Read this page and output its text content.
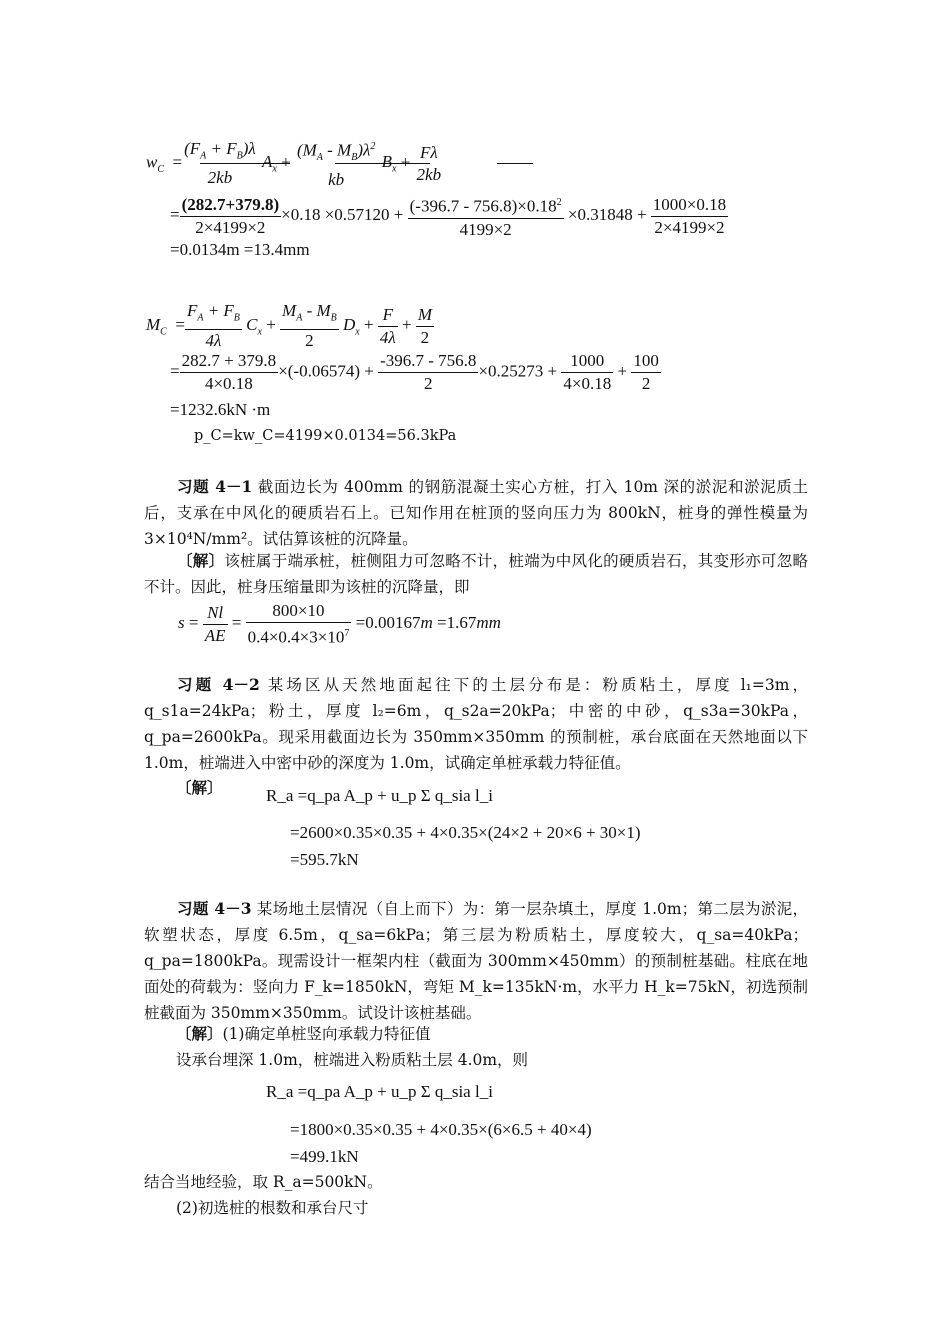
$w_C$  =
$(F_A + F_B)\lambda$
2kb
$A_x$ +
$(M_A - M_B)\lambda^2$
kb
$B_x$ +
Fλ
2kb
= $\frac{(282.7+379.8)}{2\times 4199\times 2} \times 0.18 \times 0.57120 + \frac{(-396.7 - 756.8)\times 0.18^2}{4199\times 2} \times 0.31848 + \frac{1000\times 0.18}{2\times 4199\times 2}$
=0.0134m =13.4mm
$M_C = \frac{F_A + F_B}{4\lambda} C_x + \frac{M_A - M_B}{2} D_x + \frac{F}{4\lambda} + \frac{M}{2}$
= $\frac{282.7 + 379.8}{4\times 0.18} \times(-0.06574) + \frac{-396.7 - 756.8}{2} \times 0.25273 + \frac{1000}{4\times 0.18} + \frac{100}{2}$
=1232.6kN ·m
p_C=kw_C=4199×0.0134=56.3kPa
习题 4－1 截面边长为 400mm 的钢筋混凝土实心方桩，打入 10m 深的淤泥和淤泥质土后，支承在中风化的硬质岩石上。已知作用在桩顶的竖向压力为 800kN，桩身的弹性模量为 3×10⁴N/mm²。试估算该桩的沉降量。
〔解〕该桩属于端承桩，桩侧阻力可忽略不计，桩端为中风化的硬质岩石，其变形亦可忽略不计。因此，桩身压缩量即为该桩的沉降量，即
$s = \frac{Nl}{AE} = \frac{800\times 10}{0.4\times 0.4\times 3\times 10^7} =0.00167m =1.67mm$
习题 4－2 某场区从天然地面起往下的土层分布是：粉质粘土，厚度 l₁=3m，q_s1a=24kPa；粉土，厚度 l₂=6m，q_s2a=20kPa；中密的中砂，q_s3a=30kPa，q_pa=2600kPa。现采用截面边长为 350mm×350mm 的预制桩，承台底面在天然地面以下 1.0m，桩端进入中密中砂的深度为 1.0m，试确定单桩承载力特征值。
〔解〕	R_a =q_pa A_p + u_p Σ q_sia l_i
=2600×0.35×0.35 + 4×0.35×(24×2 + 20×6 + 30×1)
=595.7kN
习题 4－3 某场地土层情况（自上而下）为：第一层杂填土，厚度 1.0m；第二层为淤泥，软塑状态，厚度 6.5m，q_sa=6kPa；第三层为粉质粘土，厚度较大，q_sa=40kPa；q_pa=1800kPa。现需设计一框架内柱（截面为 300mm×450mm）的预制桩基础。柱底在地面处的荷载为：竖向力 F_k=1850kN，弯矩 M_k=135kN·m，水平力 H_k=75kN，初选预制桩截面为 350mm×350mm。试设计该桩基础。
〔解〕(1)确定单桩竖向承载力特征值
设承台埋深 1.0m，桩端进入粉质粘土层 4.0m，则
R_a =q_pa A_p + u_p Σ q_sia l_i
=1800×0.35×0.35 + 4×0.35×(6×6.5 + 40×4)
=499.1kN
结合当地经验，取 R_a=500kN。
(2)初选桩的根数和承台尺寸
